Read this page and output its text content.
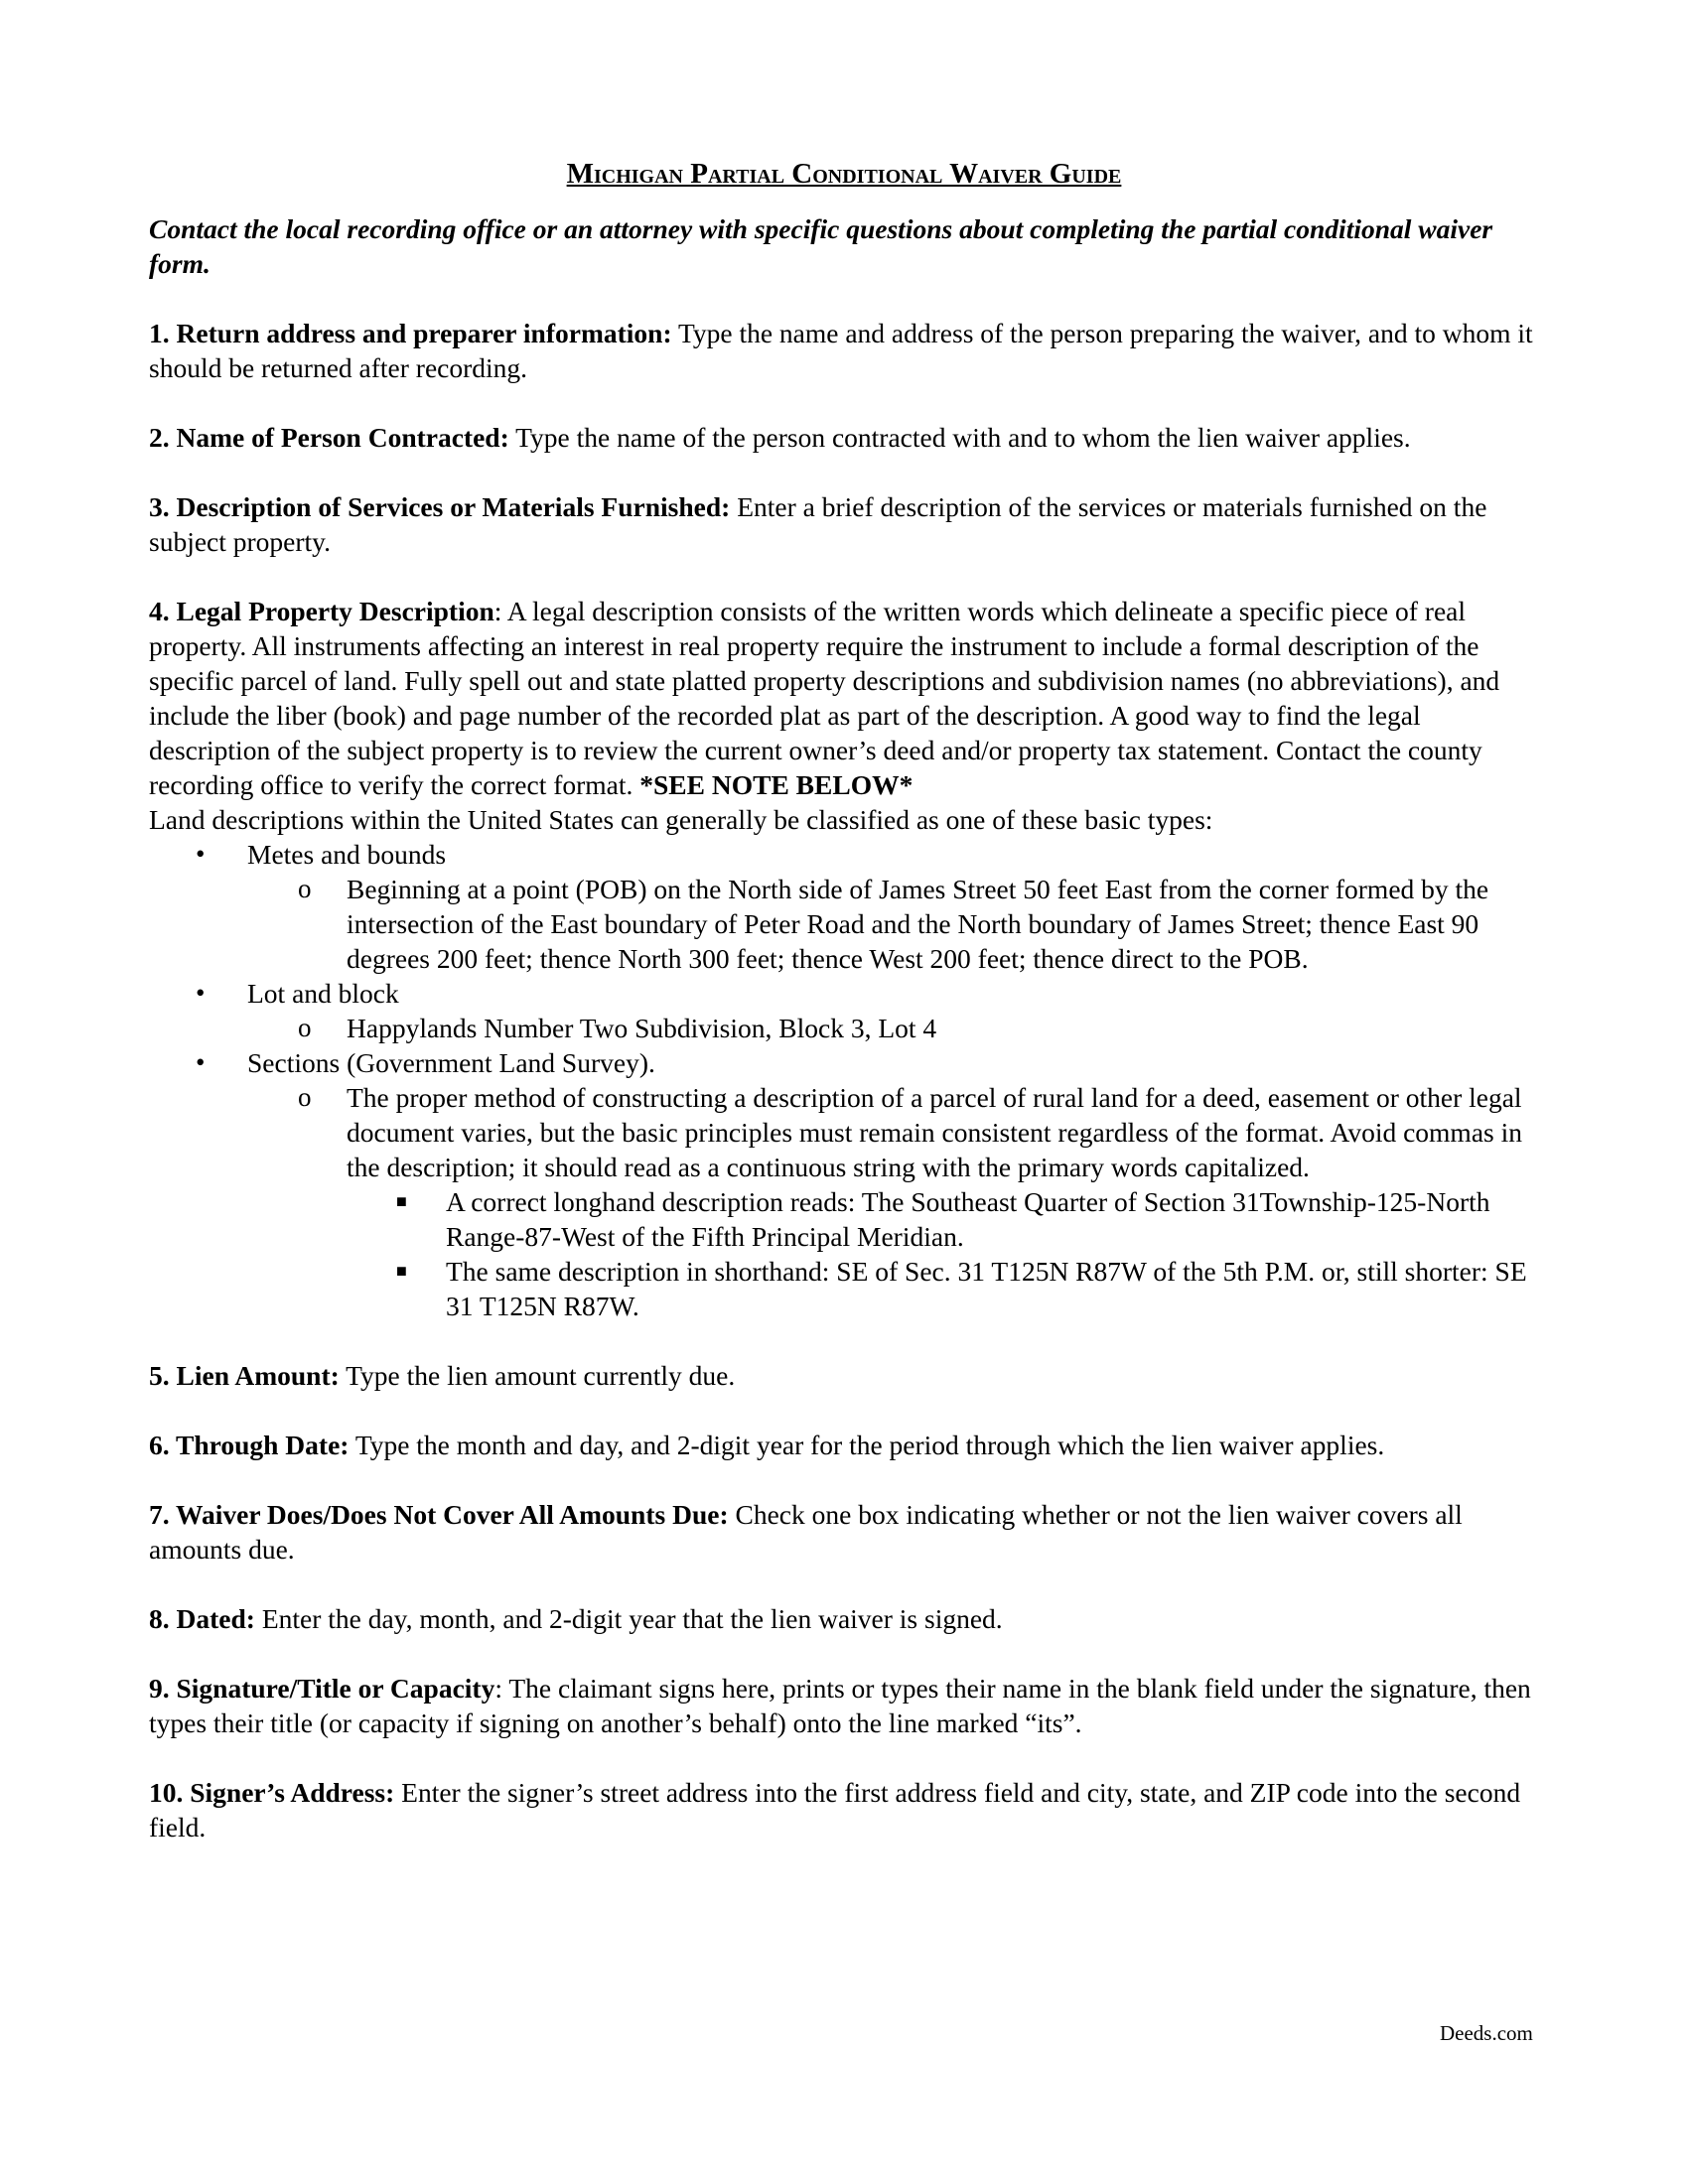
Michigan Partial Conditional Waiver Guide

Contact the local recording office or an attorney with specific questions about completing the partial conditional waiver form.

1. Return address and preparer information: Type the name and address of the person preparing the waiver, and to whom it should be returned after recording.

2. Name of Person Contracted: Type the name of the person contracted with and to whom the lien waiver applies.

3. Description of Services or Materials Furnished: Enter a brief description of the services or materials furnished on the subject property.

4. Legal Property Description: A legal description consists of the written words which delineate a specific piece of real property. All instruments affecting an interest in real property require the instrument to include a formal description of the specific parcel of land. Fully spell out and state platted property descriptions and subdivision names (no abbreviations), and include the liber (book) and page number of the recorded plat as part of the description. A good way to find the legal description of the subject property is to review the current owner’s deed and/or property tax statement. Contact the county recording office to verify the correct format. *SEE NOTE BELOW*

Land descriptions within the United States can generally be classified as one of these basic types:

• Metes and bounds
o Beginning at a point (POB) on the North side of James Street 50 feet East from the corner formed by the intersection of the East boundary of Peter Road and the North boundary of James Street; thence East 90 degrees 200 feet; thence North 300 feet; thence West 200 feet; thence direct to the POB.
• Lot and block
o Happylands Number Two Subdivision, Block 3, Lot 4
• Sections (Government Land Survey).
o The proper method of constructing a description of a parcel of rural land for a deed, easement or other legal document varies, but the basic principles must remain consistent regardless of the format. Avoid commas in the description; it should read as a continuous string with the primary words capitalized.
■ A correct longhand description reads: The Southeast Quarter of Section 31Township-125-North Range-87-West of the Fifth Principal Meridian.
■ The same description in shorthand: SE of Sec. 31 T125N R87W of the 5th P.M. or, still shorter: SE 31 T125N R87W.

5. Lien Amount: Type the lien amount currently due.

6. Through Date: Type the month and day, and 2-digit year for the period through which the lien waiver applies.

7. Waiver Does/Does Not Cover All Amounts Due: Check one box indicating whether or not the lien waiver covers all amounts due.

8. Dated: Enter the day, month, and 2-digit year that the lien waiver is signed.

9. Signature/Title or Capacity: The claimant signs here, prints or types their name in the blank field under the signature, then types their title (or capacity if signing on another’s behalf) onto the line marked “its”.

10. Signer’s Address: Enter the signer’s street address into the first address field and city, state, and ZIP code into the second field.

Deeds.com
